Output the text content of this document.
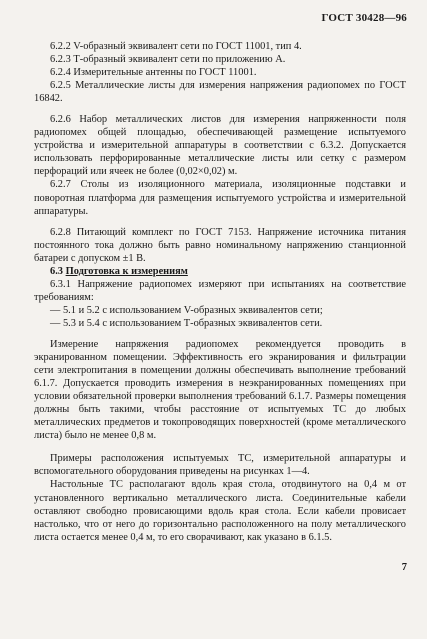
ГОСТ 30428—96

6.2.2 V-образный эквивалент сети по ГОСТ 11001, тип 4.

6.2.3 Т-образный эквивалент сети по приложению А.

6.2.4 Измерительные антенны по ГОСТ 11001.

6.2.5 Металлические листы для измерения напряжения радиопомех по ГОСТ 16842.

6.2.6 Набор металлических листов для измерения напряженности поля радиопомех общей площадью, обеспечивающей размещение испытуемого устройства и измерительной аппаратуры в соответствии с 6.3.2. Допускается использовать перфорированные металлические листы или сетку с размером перфораций или ячеек не более (0,02×0,02) м.

6.2.7 Столы из изоляционного материала, изоляционные подставки и поворотная платформа для размещения испытуемого устройства и измерительной аппаратуры.

6.2.8 Питающий комплект по ГОСТ 7153. Напряжение источника питания постоянного тока должно быть равно номинальному напряжению станционной батареи с допуском ±1 В.

6.3 Подготовка к измерениям

6.3.1 Напряжение радиопомех измеряют при испытаниях на соответствие требованиям:

— 5.1 и 5.2 с использованием V-образных эквивалентов сети;

— 5.3 и 5.4 с использованием Т-образных эквивалентов сети.

Измерение напряжения радиопомех рекомендуется проводить в экранированном помещении. Эффективность его экранирования и фильтрации сети электропитания в помещении должны обеспечивать выполнение требований 6.1.7. Допускается проводить измерения в неэкранированных помещениях при условии обязательной проверки выполнения требований 6.1.7. Размеры помещения должны быть такими, чтобы расстояние от испытуемых ТС до любых металлических предметов и токопроводящих поверхностей (кроме металлического листа) было не менее 0,8 м.

Примеры расположения испытуемых ТС, измерительной аппаратуры и вспомогательного оборудования приведены на рисунках 1—4.

Настольные ТС располагают вдоль края стола, отодвинутого на 0,4 м от установленного вертикально металлического листа. Соединительные кабели оставляют свободно провисающими вдоль края стола. Если кабели провисает настолько, что от него до горизонтально расположенного на полу металлического листа остается менее 0,4 м, то его сворачивают, как указано в 6.1.5.

7
